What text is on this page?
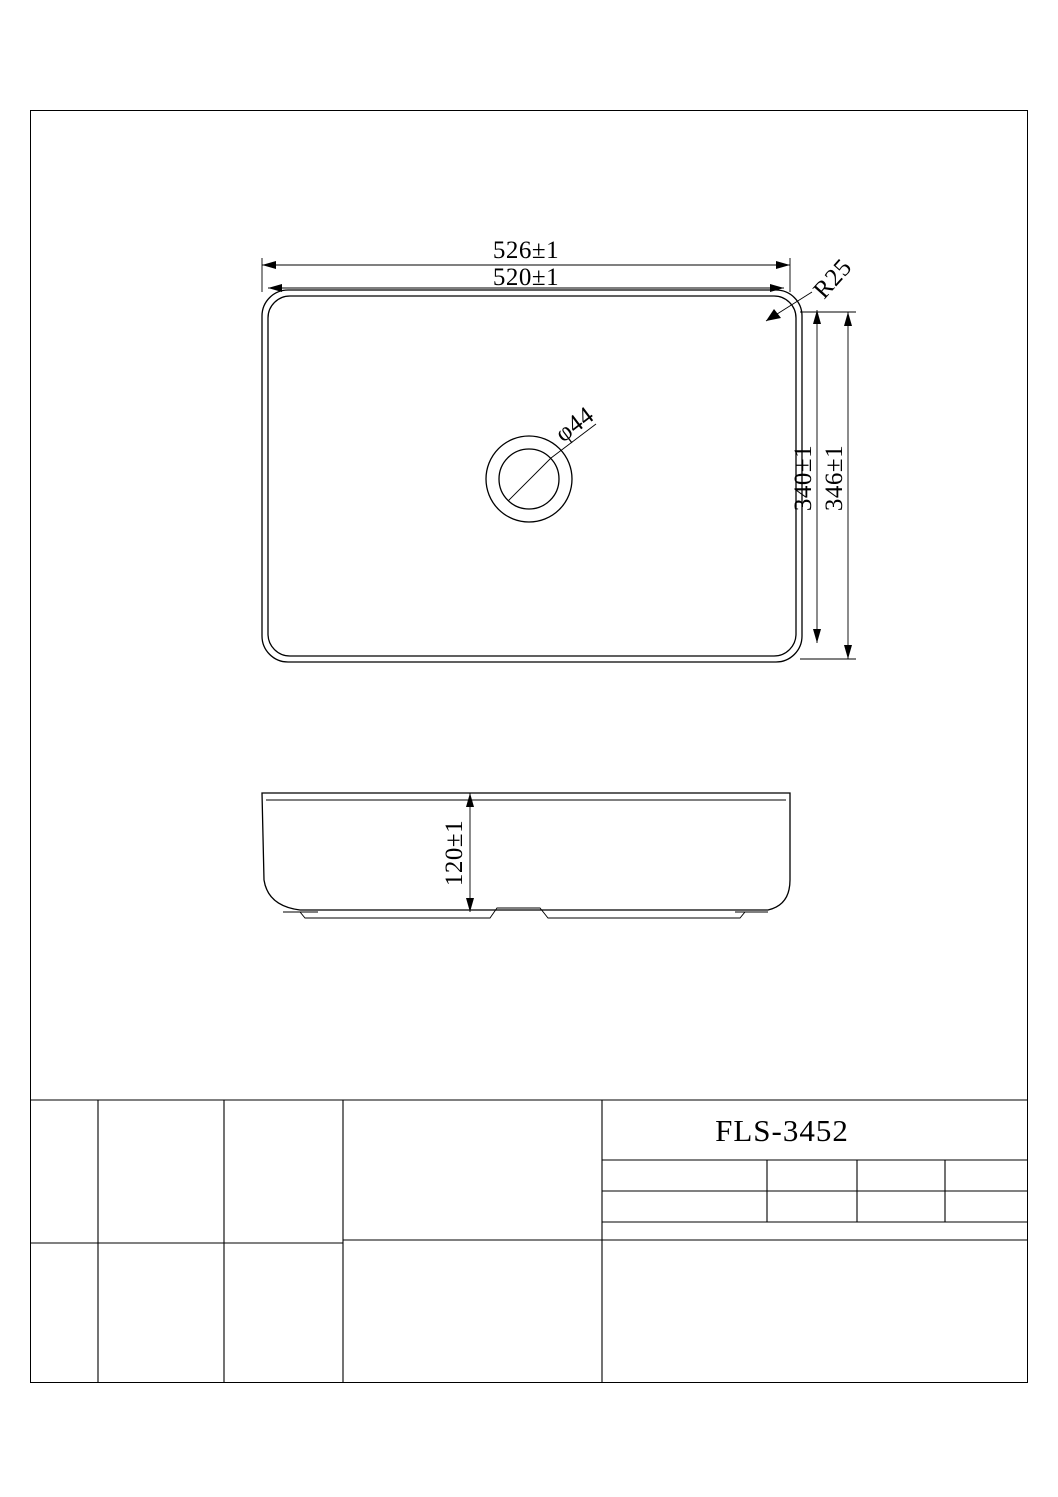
526±1
520±1	R25
φ44
340±1 346±1
120±1
FLS-3452
